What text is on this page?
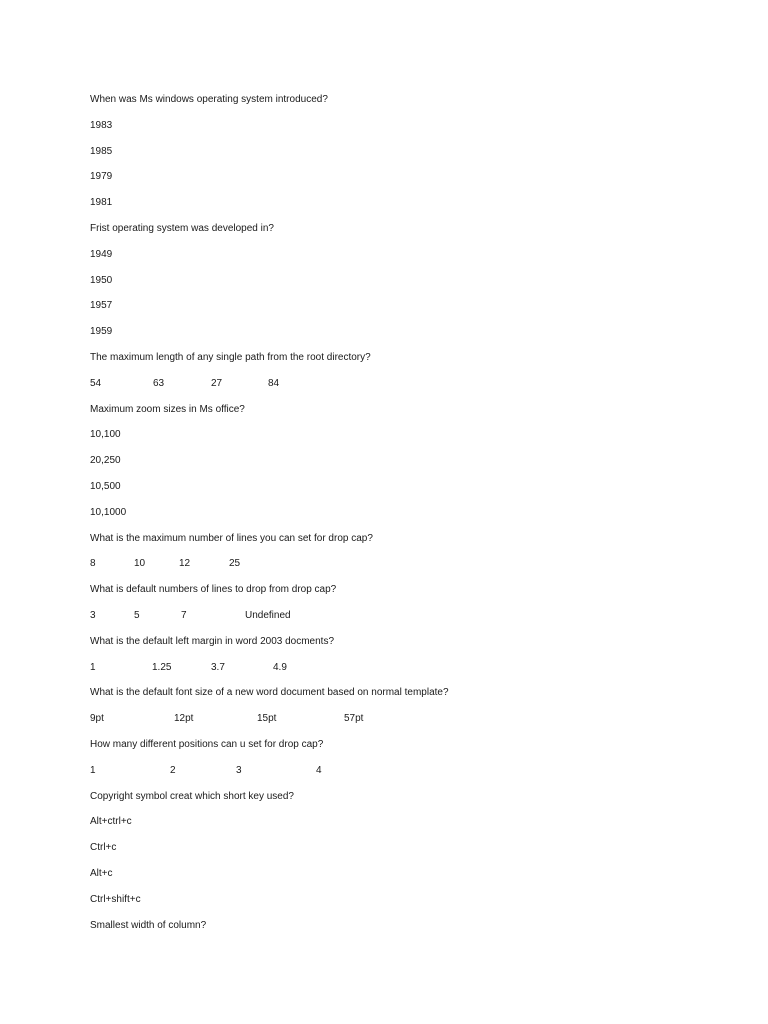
When was Ms windows operating system introduced?
1983
1985
1979
1981
Frist operating system was developed in?
1949
1950
1957
1959
The maximum length of any single path from the root directory?
54	63	27	84
Maximum zoom sizes in Ms office?
10,100
20,250
10,500
10,1000
What is the maximum number of lines you can set for drop cap?
8	10	12	25
What is default numbers of lines to drop from drop cap?
3	5	7	Undefined
What is the default left margin in word 2003 docments?
1	1.25	3.7	4.9
What is the default font size of a new word document based on normal template?
9pt	12pt	15pt	57pt
How many different positions can u set for drop cap?
1	2	3	4
Copyright symbol creat which short key used?
Alt+ctrl+c
Ctrl+c
Alt+c
Ctrl+shift+c
Smallest width of column?
